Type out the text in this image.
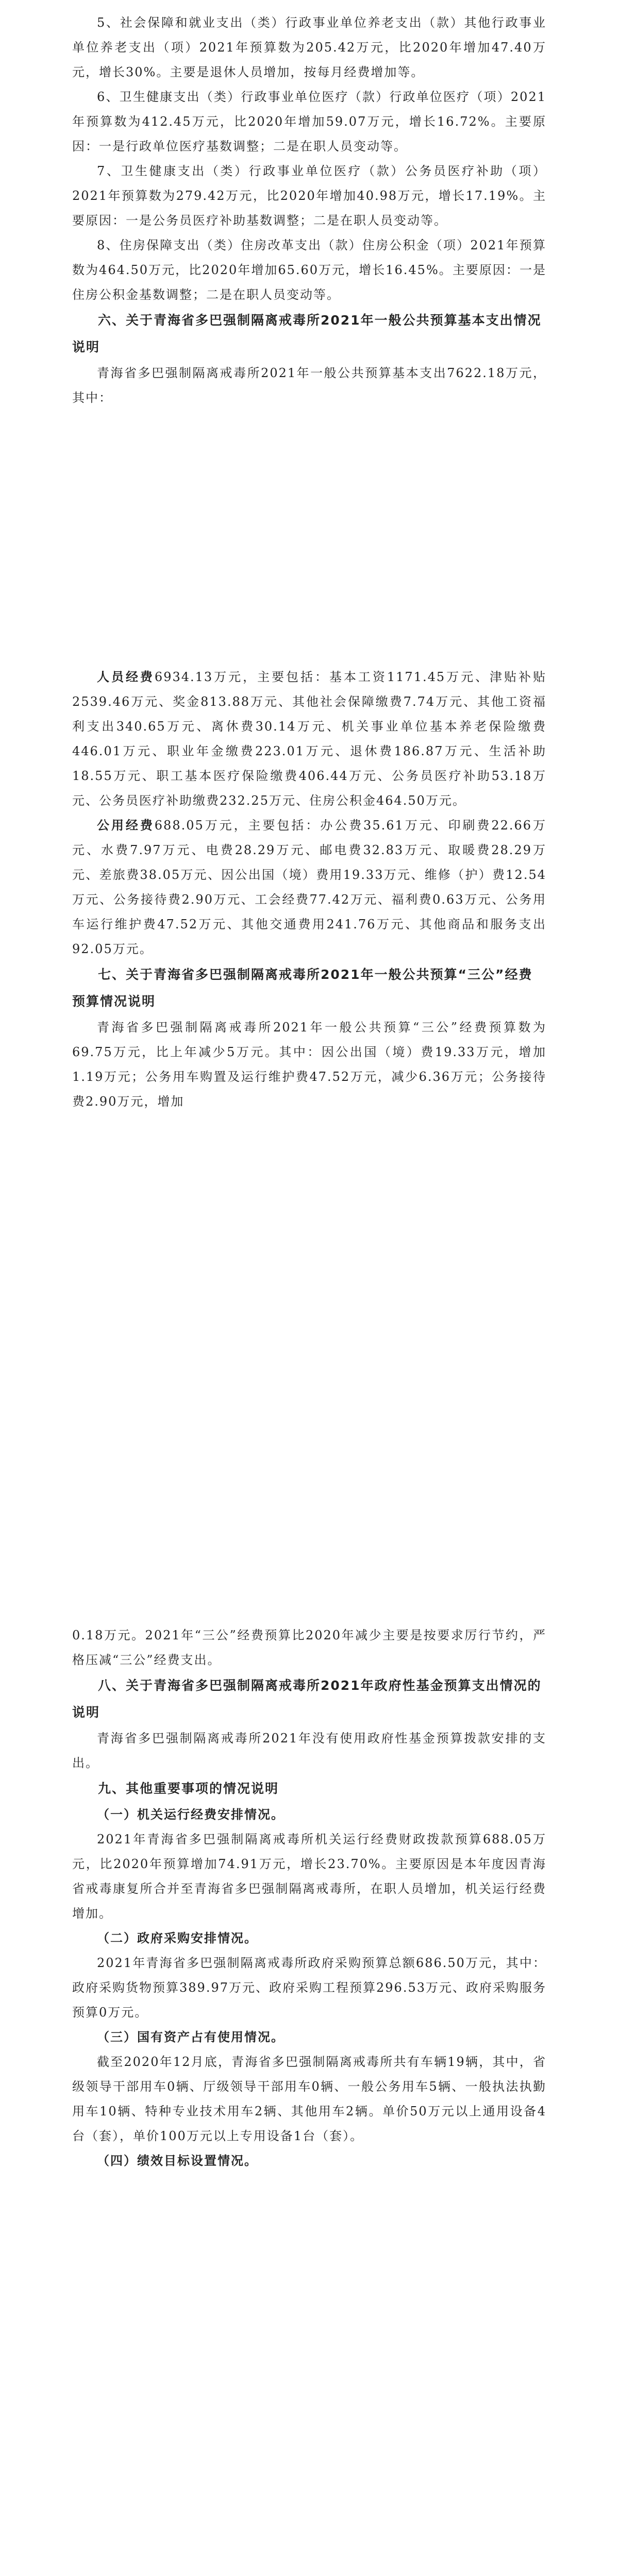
5、社会保障和就业支出（类）行政事业单位养老支出（款）其他行政事业单位养老支出（项）2021年预算数为205.42万元，比2020年增加47.40万元，增长30%。主要是退休人员增加，按每月经费增加等。

6、卫生健康支出（类）行政事业单位医疗（款）行政单位医疗（项）2021年预算数为412.45万元，比2020年增加59.07万元，增长16.72%。主要原因：一是行政单位医疗基数调整；二是在职人员变动等。

7、卫生健康支出（类）行政事业单位医疗（款）公务员医疗补助（项）2021年预算数为279.42万元，比2020年增加40.98万元，增长17.19%。主要原因：一是公务员医疗补助基数调整；二是在职人员变动等。

8、住房保障支出（类）住房改革支出（款）住房公积金（项）2021年预算数为464.50万元，比2020年增加65.60万元，增长16.45%。主要原因：一是住房公积金基数调整；二是在职人员变动等。

六、关于青海省多巴强制隔离戒毒所2021年一般公共预算基本支出情况说明

青海省多巴强制隔离戒毒所2021年一般公共预算基本支出7622.18万元，其中：

人员经费6934.13万元，主要包括：基本工资1171.45万元、津贴补贴2539.46万元、奖金813.88万元、其他社会保障缴费7.74万元、其他工资福利支出340.65万元、离休费30.14万元、机关事业单位基本养老保险缴费446.01万元、职业年金缴费223.01万元、退休费186.87万元、生活补助18.55万元、职工基本医疗保险缴费406.44万元、公务员医疗补助53.18万元、公务员医疗补助缴费232.25万元、住房公积金464.50万元。

公用经费688.05万元，主要包括：办公费35.61万元、印刷费22.66万元、水费7.97万元、电费28.29万元、邮电费32.83万元、取暖费28.29万元、差旅费38.05万元、因公出国（境）费用19.33万元、维修（护）费12.54万元、公务接待费2.90万元、工会经费77.42万元、福利费0.63万元、公务用车运行维护费47.52万元、其他交通费用241.76万元、其他商品和服务支出92.05万元。

七、关于青海省多巴强制隔离戒毒所2021年一般公共预算“三公”经费预算情况说明

青海省多巴强制隔离戒毒所2021年一般公共预算“三公”经费预算数为69.75万元，比上年减少5万元。其中：因公出国（境）费19.33万元，增加1.19万元；公务用车购置及运行维护费47.52万元，减少6.36万元；公务接待费2.90万元，增加

0.18万元。2021年“三公”经费预算比2020年减少主要是按要求厉行节约，严格压减“三公”经费支出。

八、关于青海省多巴强制隔离戒毒所2021年政府性基金预算支出情况的说明

青海省多巴强制隔离戒毒所2021年没有使用政府性基金预算拨款安排的支出。

九、其他重要事项的情况说明

（一）机关运行经费安排情况。

2021年青海省多巴强制隔离戒毒所机关运行经费财政拨款预算688.05万元，比2020年预算增加74.91万元，增长23.70%。主要原因是本年度因青海省戒毒康复所合并至青海省多巴强制隔离戒毒所，在职人员增加，机关运行经费增加。

（二）政府采购安排情况。

2021年青海省多巴强制隔离戒毒所政府采购预算总额686.50万元，其中：政府采购货物预算389.97万元、政府采购工程预算296.53万元、政府采购服务预算0万元。

（三）国有资产占有使用情况。

截至2020年12月底，青海省多巴强制隔离戒毒所共有车辆19辆，其中，省级领导干部用车0辆、厅级领导干部用车0辆、一般公务用车5辆、一般执法执勤用车10辆、特种专业技术用车2辆、其他用车2辆。单价50万元以上通用设备4台（套），单价100万元以上专用设备1台（套）。

（四）绩效目标设置情况。
